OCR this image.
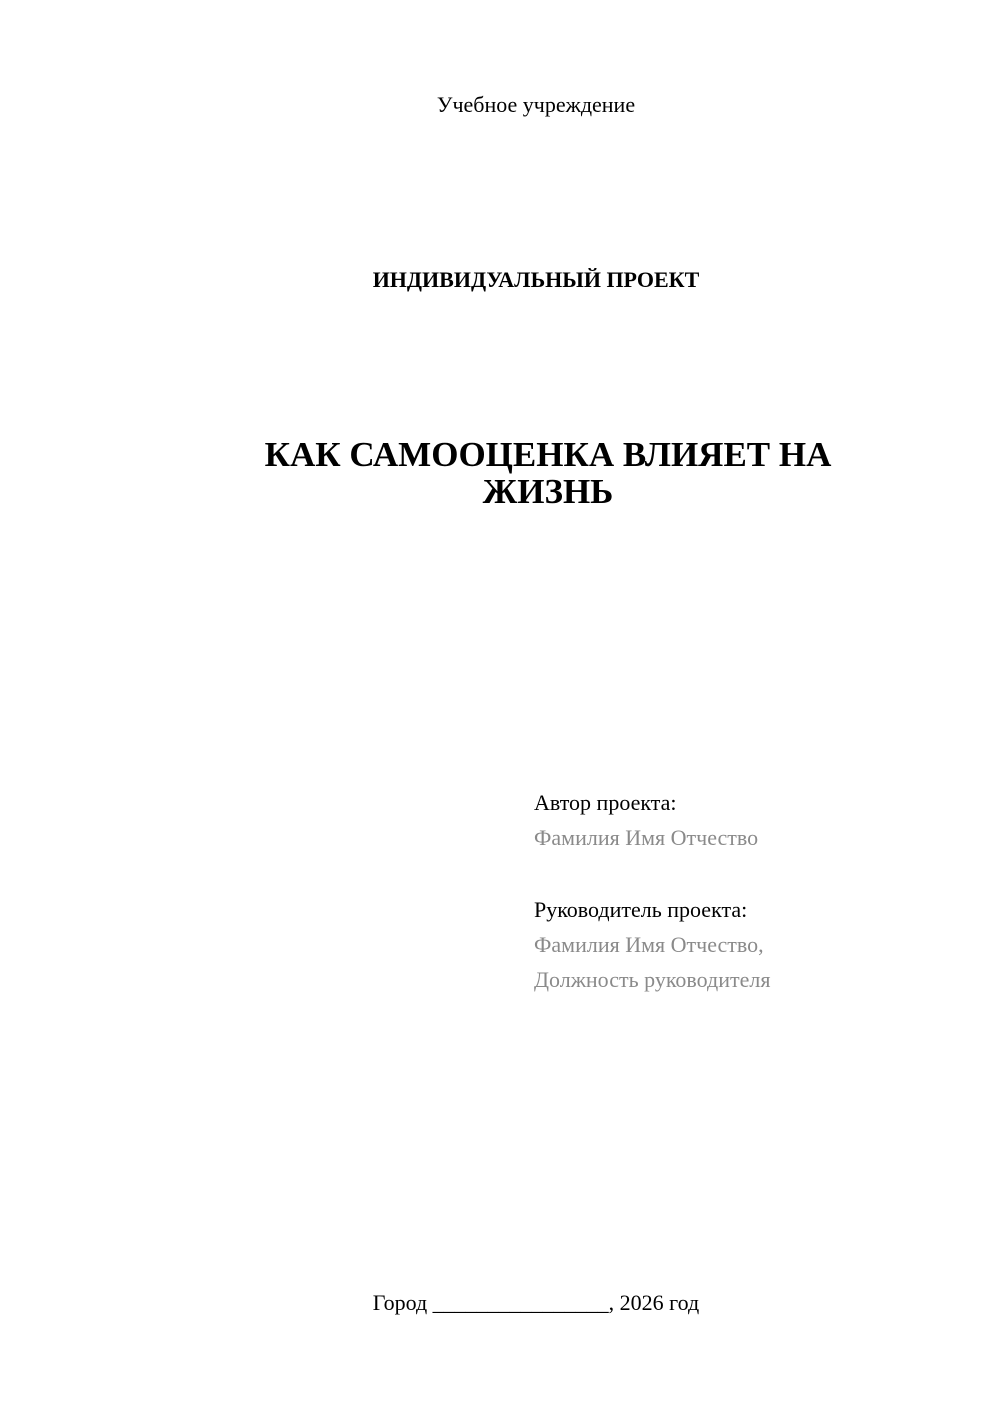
Учебное учреждение
ИНДИВИДУАЛЬНЫЙ ПРОЕКТ
КАК САМООЦЕНКА ВЛИЯЕТ НА
ЖИЗНЬ
Автор проекта:
Фамилия Имя Отчество
Руководитель проекта:
Фамилия Имя Отчество,
Должность руководителя
Город ________________, 2026 год
